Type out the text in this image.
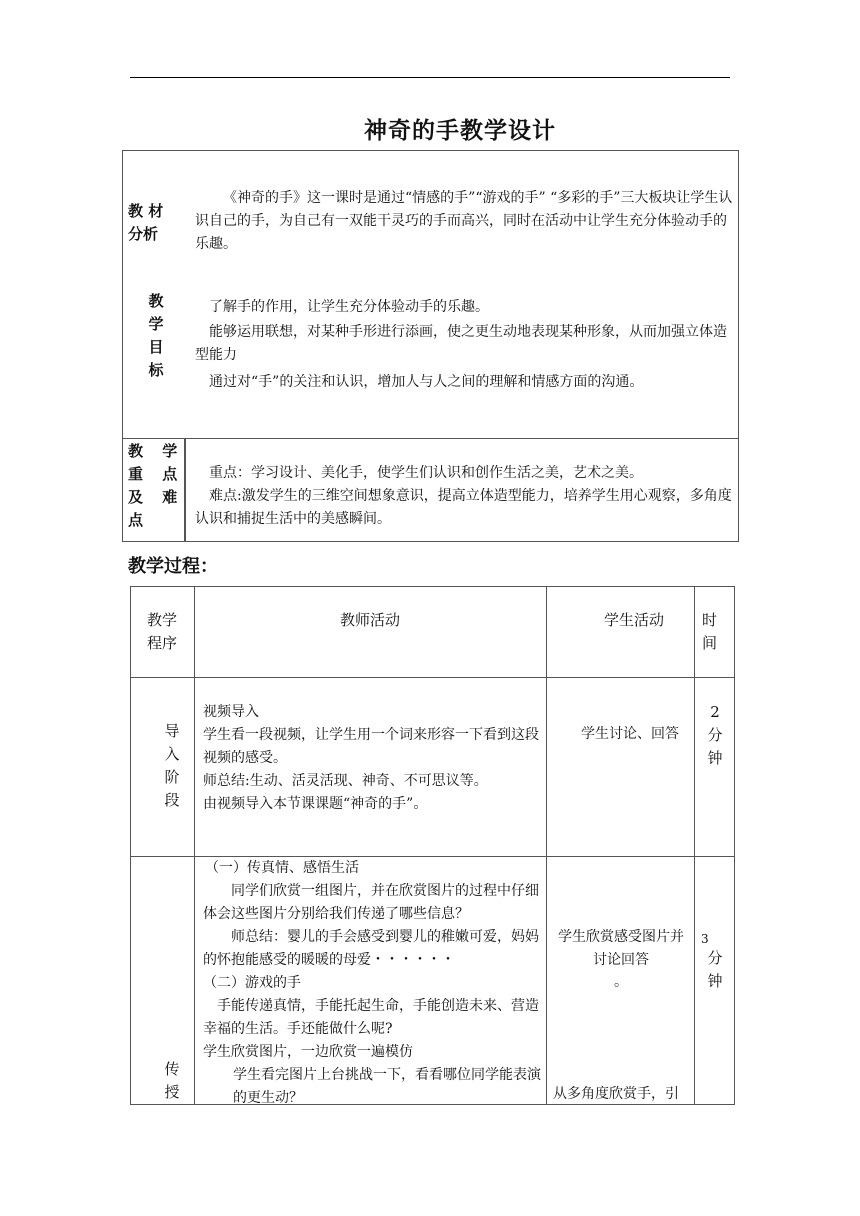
神奇的手教学设计
教 材
分析
《神奇的手》这一课时是通过“情感的手”“游戏的手” “多彩的手”三大板块让学生认识自己的手，为自己有一双能干灵巧的手而高兴，同时在活动中让学生充分体验动手的乐趣。
教
学
目
标
了解手的作用，让学生充分体验动手的乐趣。
能够运用联想，对某种手形进行添画，使之更生动地表现某种形象，从而加强立体造型能力
通过对“手”的关注和认识，增加人与人之间的理解和情感方面的沟通。
教 学
重 点
及 难
点
重点：学习设计、美化手，使学生们认识和创作生活之美，艺术之美。
难点:激发学生的三维空间想象意识，提高立体造型能力，培养学生用心观察，多角度认识和捕捉生活中的美感瞬间。
教学过程：
教学
程序
教师活动	学生活动	时
间
导
入
阶
段
视频导入
学生看一段视频，让学生用一个词来形容一下看到这段视频的感受。
师总结:生动、活灵活现、神奇、不可思议等。
由视频导入本节课课题“神奇的手”。
学生讨论、回答
2
分
钟
传
授
（一）传真情、感悟生活
同学们欣赏一组图片，并在欣赏图片的过程中仔细体会这些图片分别给我们传递了哪些信息？
师总结：婴儿的手会感受到婴儿的稚嫩可爱，妈妈的怀抱能感受的暖暖的母爱・・・・・・
（二）游戏的手
手能传递真情，手能托起生命，手能创造未来、营造幸福的生活。手还能做什么呢?
学生欣赏图片，一边欣赏一遍模仿
学生看完图片上台挑战一下，看看哪位同学能表演的更生动？
学生欣赏感受图片并讨论回答
。
从多角度欣赏手，引
3
分
钟
